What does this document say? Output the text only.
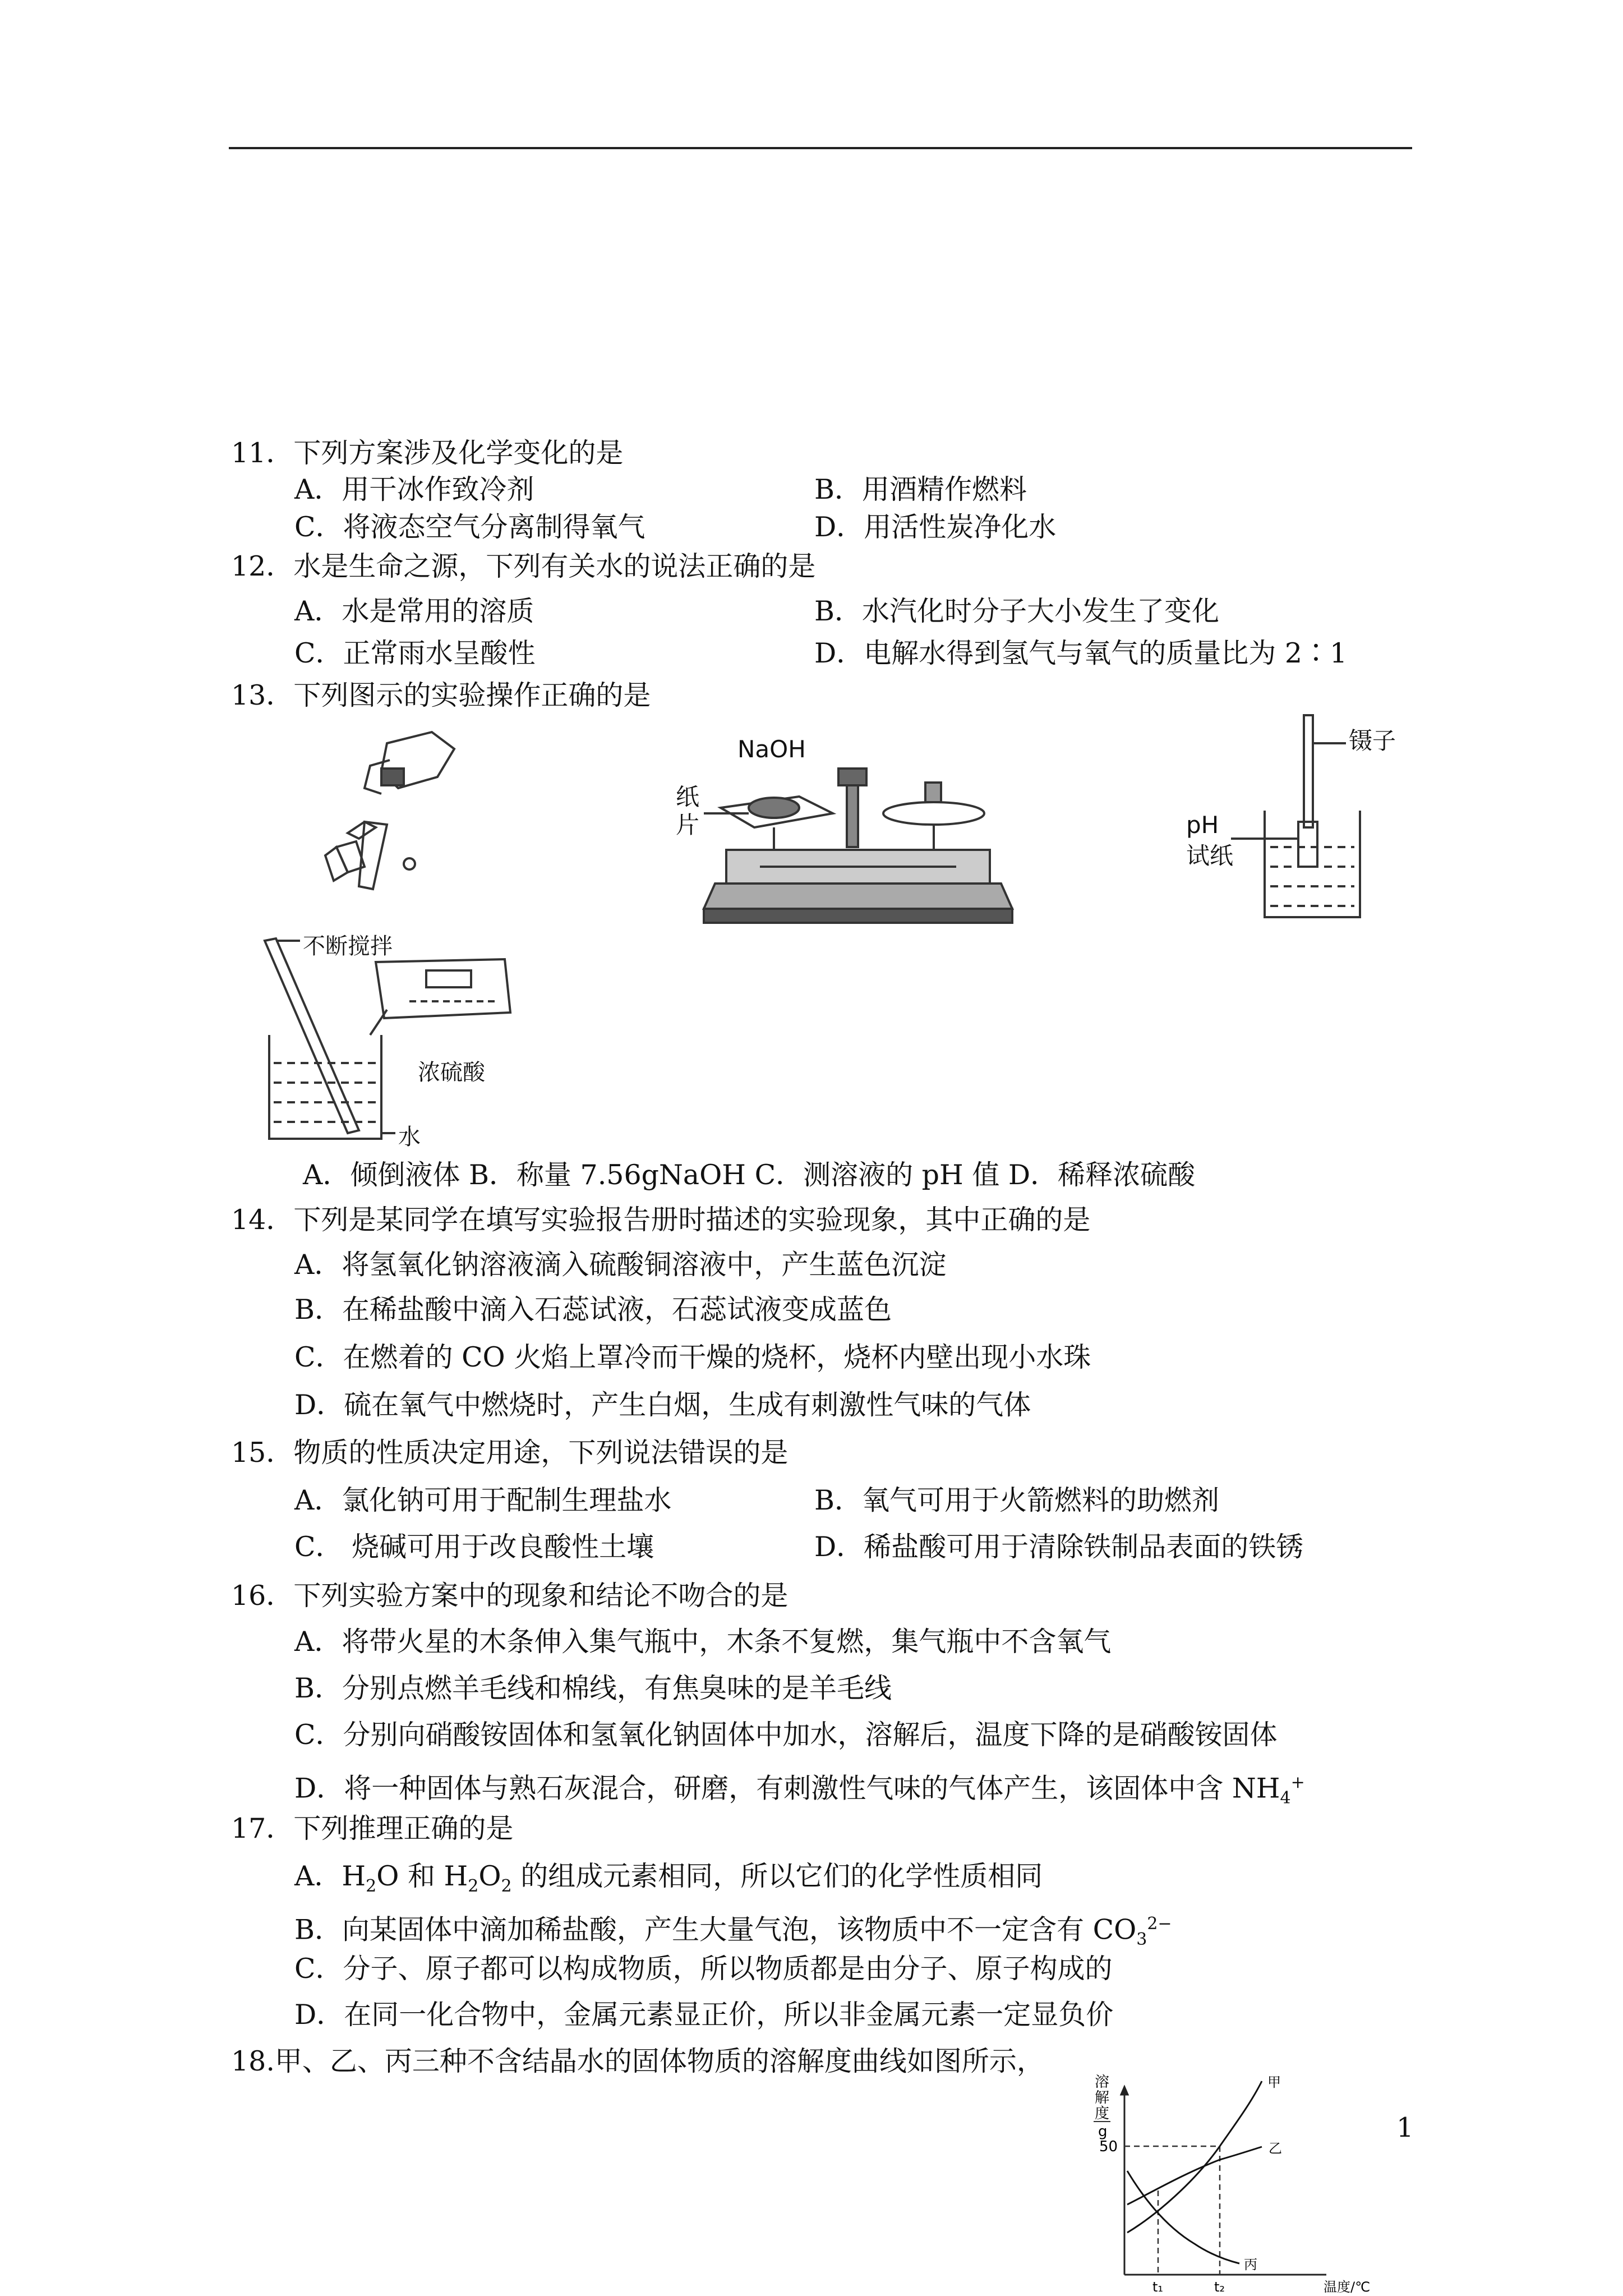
11．下列方案涉及化学变化的是
A．用干冰作致冷剂	B．用酒精作燃料
C．将液态空气分离制得氧气	D．用活性炭净化水
12．水是生命之源，下列有关水的说法正确的是
A．水是常用的溶质	B．水汽化时分子大小发生了变化
C．正常雨水呈酸性	D．电解水得到氢气与氧气的质量比为 2∶1
13．下列图示的实验操作正确的是
NaOH
纸
片
镊子
pH
试纸
不断搅拌
浓硫酸
水
A．倾倒液体 B．称量 7.56gNaOH C．测溶液的 pH 值 D．稀释浓硫酸
14．下列是某同学在填写实验报告册时描述的实验现象，其中正确的是
A．将氢氧化钠溶液滴入硫酸铜溶液中，产生蓝色沉淀
B．在稀盐酸中滴入石蕊试液，石蕊试液变成蓝色
C．在燃着的 CO 火焰上罩冷而干燥的烧杯，烧杯内壁出现小水珠
D．硫在氧气中燃烧时，产生白烟，生成有刺激性气味的气体
15．物质的性质决定用途，下列说法错误的是
A．氯化钠可用于配制生理盐水	B．氧气可用于火箭燃料的助燃剂
C． 烧碱可用于改良酸性土壤	D．稀盐酸可用于清除铁制品表面的铁锈
16．下列实验方案中的现象和结论不吻合的是
A．将带火星的木条伸入集气瓶中，木条不复燃，集气瓶中不含氧气
B．分别点燃羊毛线和棉线，有焦臭味的是羊毛线
C．分别向硝酸铵固体和氢氧化钠固体中加水，溶解后，温度下降的是硝酸铵固体
D．将一种固体与熟石灰混合，研磨，有刺激性气味的气体产生，该固体中含 $NH_4^+$
17．下列推理正确的是
A．$H_2O$ 和 $H_2O_2$ 的组成元素相同，所以它们的化学性质相同
B．向某固体中滴加稀盐酸，产生大量气泡，该物质中不一定含有 $CO_3^{2-}$
C．分子、原子都可以构成物质，所以物质都是由分子、原子构成的
D．在同一化合物中，金属元素显正价，所以非金属元素一定显负价
18.甲、乙、丙三种不含结晶水的固体物质的溶解度曲线如图所示，
溶
解
度
g
50
t₁	t₂	温度/℃
甲
乙
丙
1
